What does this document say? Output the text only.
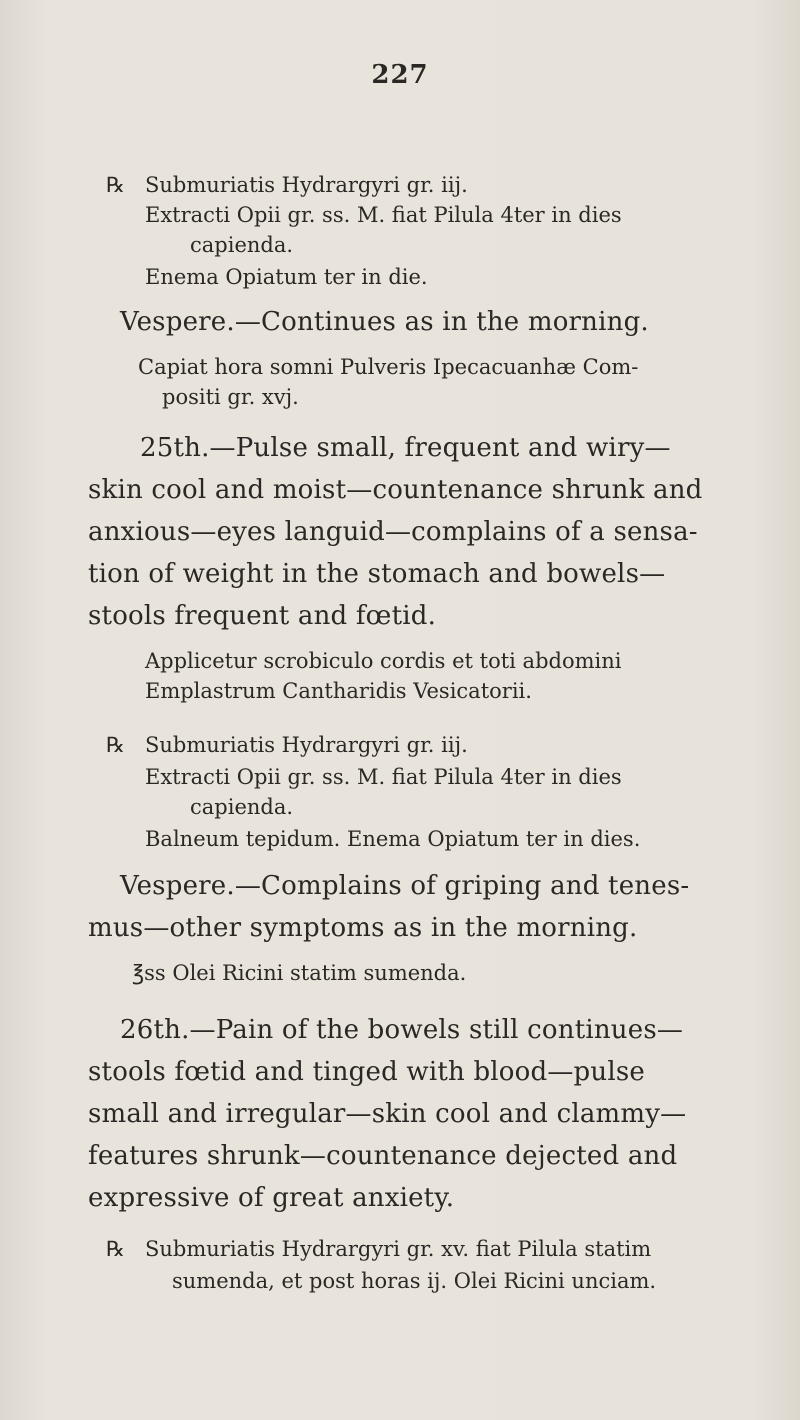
227
℞ Submuriatis Hydrargyri gr. iij.
Extracti Opii gr. ss. M. fiat Pilula 4ter in dies
capienda.
Enema Opiatum ter in die.
Vespere.—Continues as in the morning.
Capiat hora somni Pulveris Ipecacuanhæ Com-
positi gr. xvj.
25th.—Pulse small, frequent and wiry—
skin cool and moist—countenance shrunk and
anxious—eyes languid—complains of a sensa-
tion of weight in the stomach and bowels—
stools frequent and fœtid.
Applicetur scrobiculo cordis et toti abdomini
Emplastrum Cantharidis Vesicatorii.
℞ Submuriatis Hydrargyri gr. iij.
Extracti Opii gr. ss. M. fiat Pilula 4ter in dies
capienda.
Balneum tepidum. Enema Opiatum ter in dies.
Vespere.—Complains of griping and tenes-
mus—other symptoms as in the morning.
℥ss Olei Ricini statim sumenda.
26th.—Pain of the bowels still continues—
stools fœtid and tinged with blood—pulse
small and irregular—skin cool and clammy—
features shrunk—countenance dejected and
expressive of great anxiety.
℞ Submuriatis Hydrargyri gr. xv. fiat Pilula statim
sumenda, et post horas ij. Olei Ricini unciam.
